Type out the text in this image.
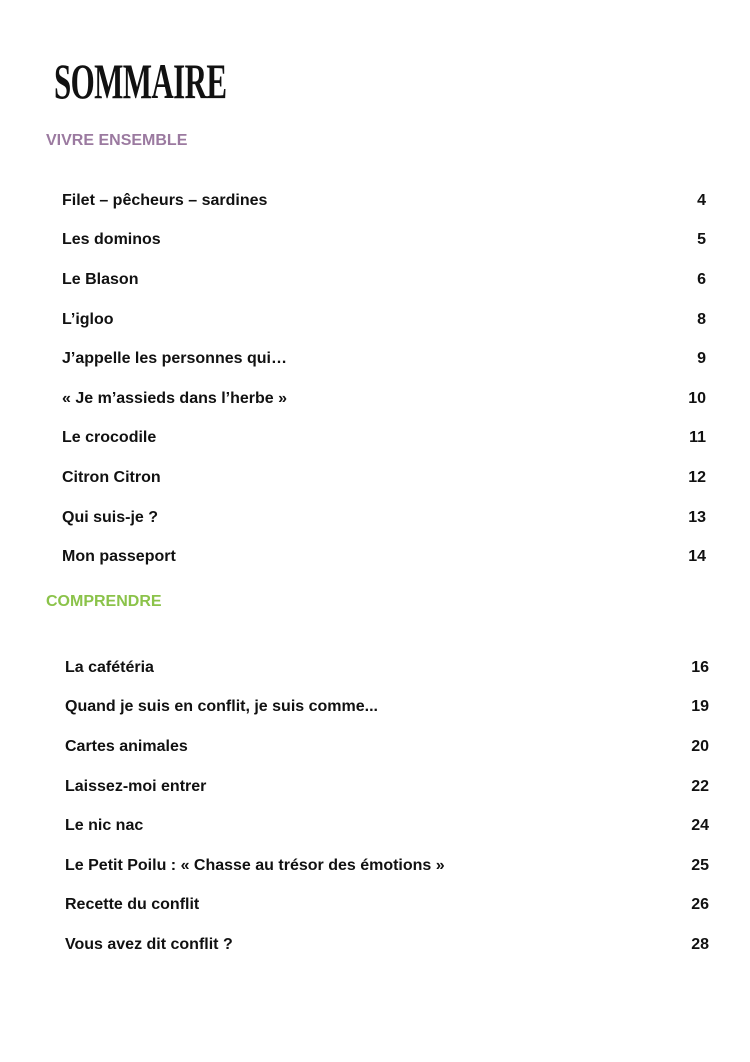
SOMMAIRE
VIVRE ENSEMBLE
Filet – pêcheurs – sardines	4
Les dominos	5
Le Blason	6
L’igloo	8
J’appelle les personnes qui…	9
« Je m’assieds dans l’herbe »	10
Le crocodile	11
Citron Citron	12
Qui suis-je ?	13
Mon passeport	14
COMPRENDRE
La cafétéria	16
Quand je suis en conflit, je suis comme...	19
Cartes animales	20
Laissez-moi entrer	22
Le nic nac	24
Le Petit Poilu : « Chasse au trésor des émotions »	25
Recette du conflit	26
Vous avez dit conflit ?	28
